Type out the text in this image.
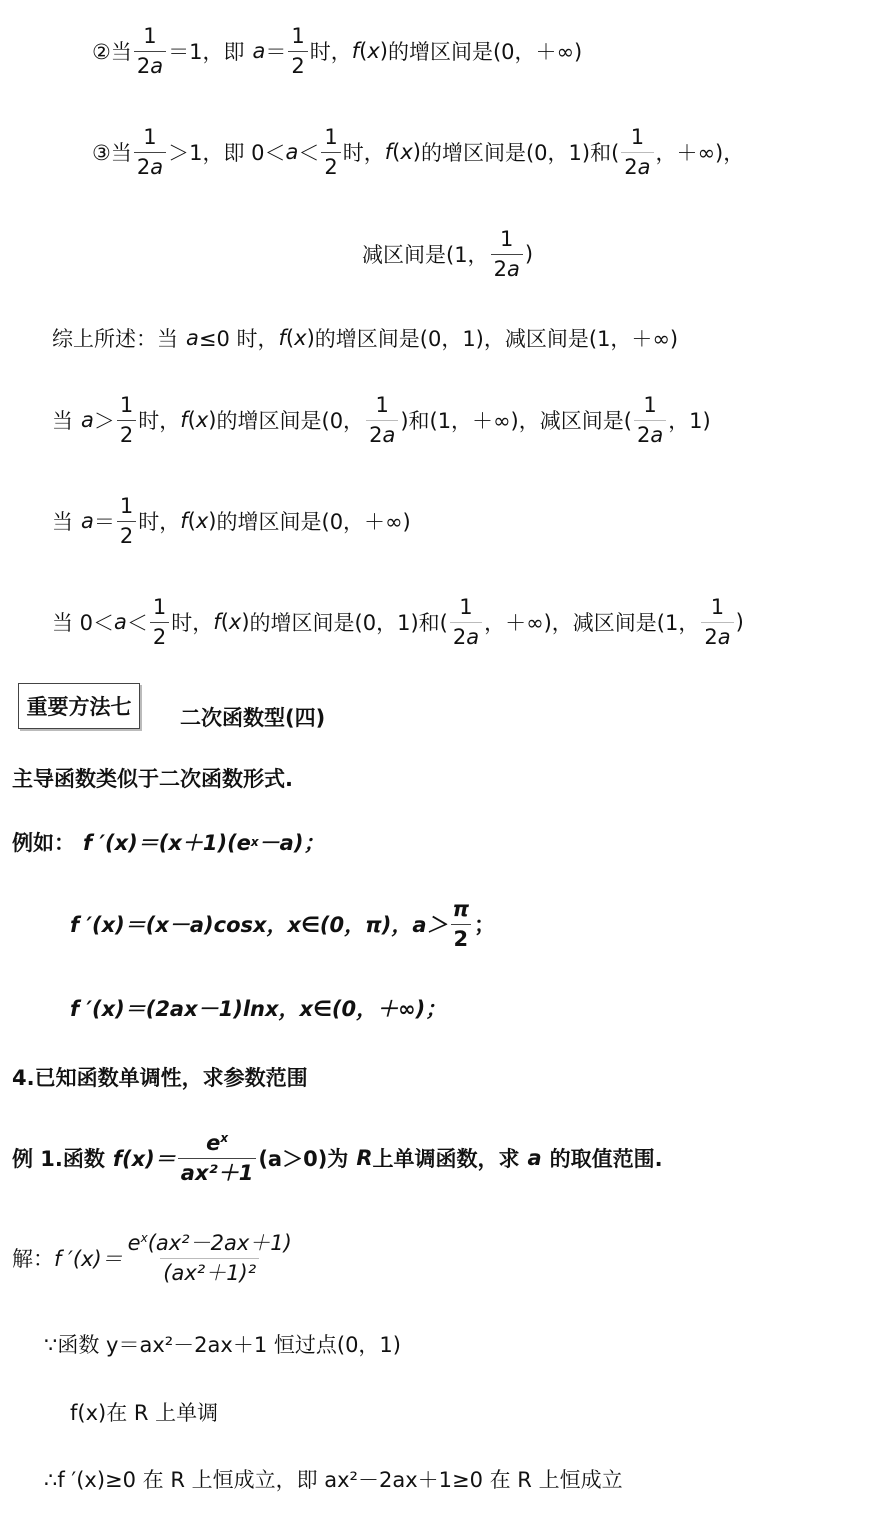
②当 $\frac{1}{2a} =1$，即 $a = \frac{1}{2}$ 时， f ( x ) 的增区间是(0，＋∞)
③当 $\frac{1}{2a} >1$，即 $0< a < \frac{1}{2}$ 时， f ( x ) 的增区间是(0，1)和( $\frac{1}{2a}$ ，＋∞)，
减区间是(1， $\frac{1}{2a}$ )
综上所述：当 a ≤0 时， f ( x ) 的增区间是(0，1)，减区间是(1，＋∞)
当 $a > \frac{1}{2}$ 时， f ( x ) 的增区间是(0， $\frac{1}{2a}$ )和(1，＋∞)，减区间是( $\frac{1}{2a}$ ，1)
当 $a = \frac{1}{2}$ 时， f ( x ) 的增区间是(0，＋∞)
当 $0< a < \frac{1}{2}$ 时， f ( x ) 的增区间是(0，1)和( $\frac{1}{2a}$ ，＋∞)，减区间是(1， $\frac{1}{2a}$ )
重要方法七	二次函数型(四)
主导函数类似于二次函数形式.
例如： f ′(x)＝(x＋1)(e x －a)；
f ′(x)＝(x－a)cosx，x∈(0，π)，$a> \frac{\pi}{2}$ ；
f ′(x)＝(2ax－1)lnx，x∈(0，＋∞)；
4.已知函数单调性，求参数范围
例 1.函数 $f(x)= \frac{e^x}{\text{ax²＋1}} (a>0)$为 R 上单调函数，求 a 的取值范围.
解： f $'(x)= \frac{e^x(ax^2-2ax+1)}{\text{(ax²＋1)²}}$
∵函数 y＝ax²－2ax＋1 恒过点(0，1)
f(x)在 R 上单调
∴f ′(x)≥0 在 R 上恒成立，即 ax²－2ax＋1≥0 在 R 上恒成立
